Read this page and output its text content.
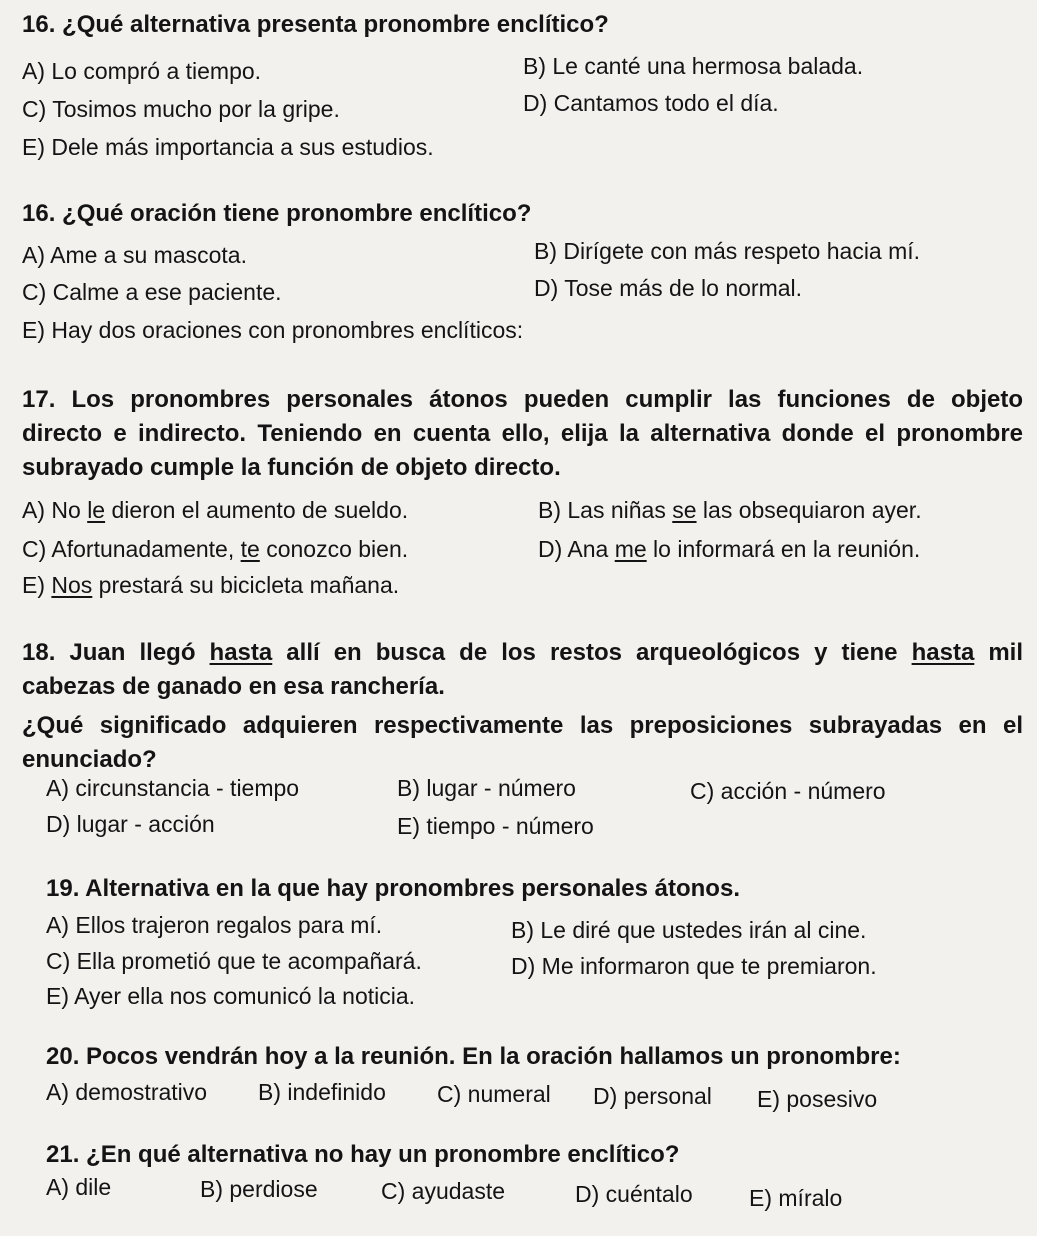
16. ¿Qué alternativa presenta pronombre enclítico?
A) Lo compró a tiempo.	B) Le canté una hermosa balada.
C) Tosimos mucho por la gripe.	D) Cantamos todo el día.
E) Dele más importancia a sus estudios.
16. ¿Qué oración tiene pronombre enclítico?
A) Ame a su mascota.	B) Dirígete con más respeto hacia mí.
C) Calme a ese paciente.	D) Tose más de lo normal.
E) Hay dos oraciones con pronombres enclíticos:
17. Los pronombres personales átonos pueden cumplir las funciones de objeto
directo e indirecto. Teniendo en cuenta ello, elija la alternativa donde el pronombre
subrayado cumple la función de objeto directo.
A) No le dieron el aumento de sueldo.	B) Las niñas se las obsequiaron ayer.
C) Afortunadamente, te conozco bien.	D) Ana me lo informará en la reunión.
E) Nos prestará su bicicleta mañana.
18. Juan llegó hasta allí en busca de los restos arqueológicos y tiene hasta mil
cabezas de ganado en esa ranchería.
¿Qué significado adquieren respectivamente las preposiciones subrayadas en el
enunciado?
A) circunstancia - tiempo	B) lugar - número	C) acción - número
D) lugar - acción	E) tiempo - número
19. Alternativa en la que hay pronombres personales átonos.
A) Ellos trajeron regalos para mí.	B) Le diré que ustedes irán al cine.
C) Ella prometió que te acompañará.	D) Me informaron que te premiaron.
E) Ayer ella nos comunicó la noticia.
20. Pocos vendrán hoy a la reunión. En la oración hallamos un pronombre:
A) demostrativo B) indefinido C) numeral D) personal E) posesivo
21. ¿En qué alternativa no hay un pronombre enclítico?
A) dile	B) perdiose	C) ayudaste	D) cuéntalo E) míralo
